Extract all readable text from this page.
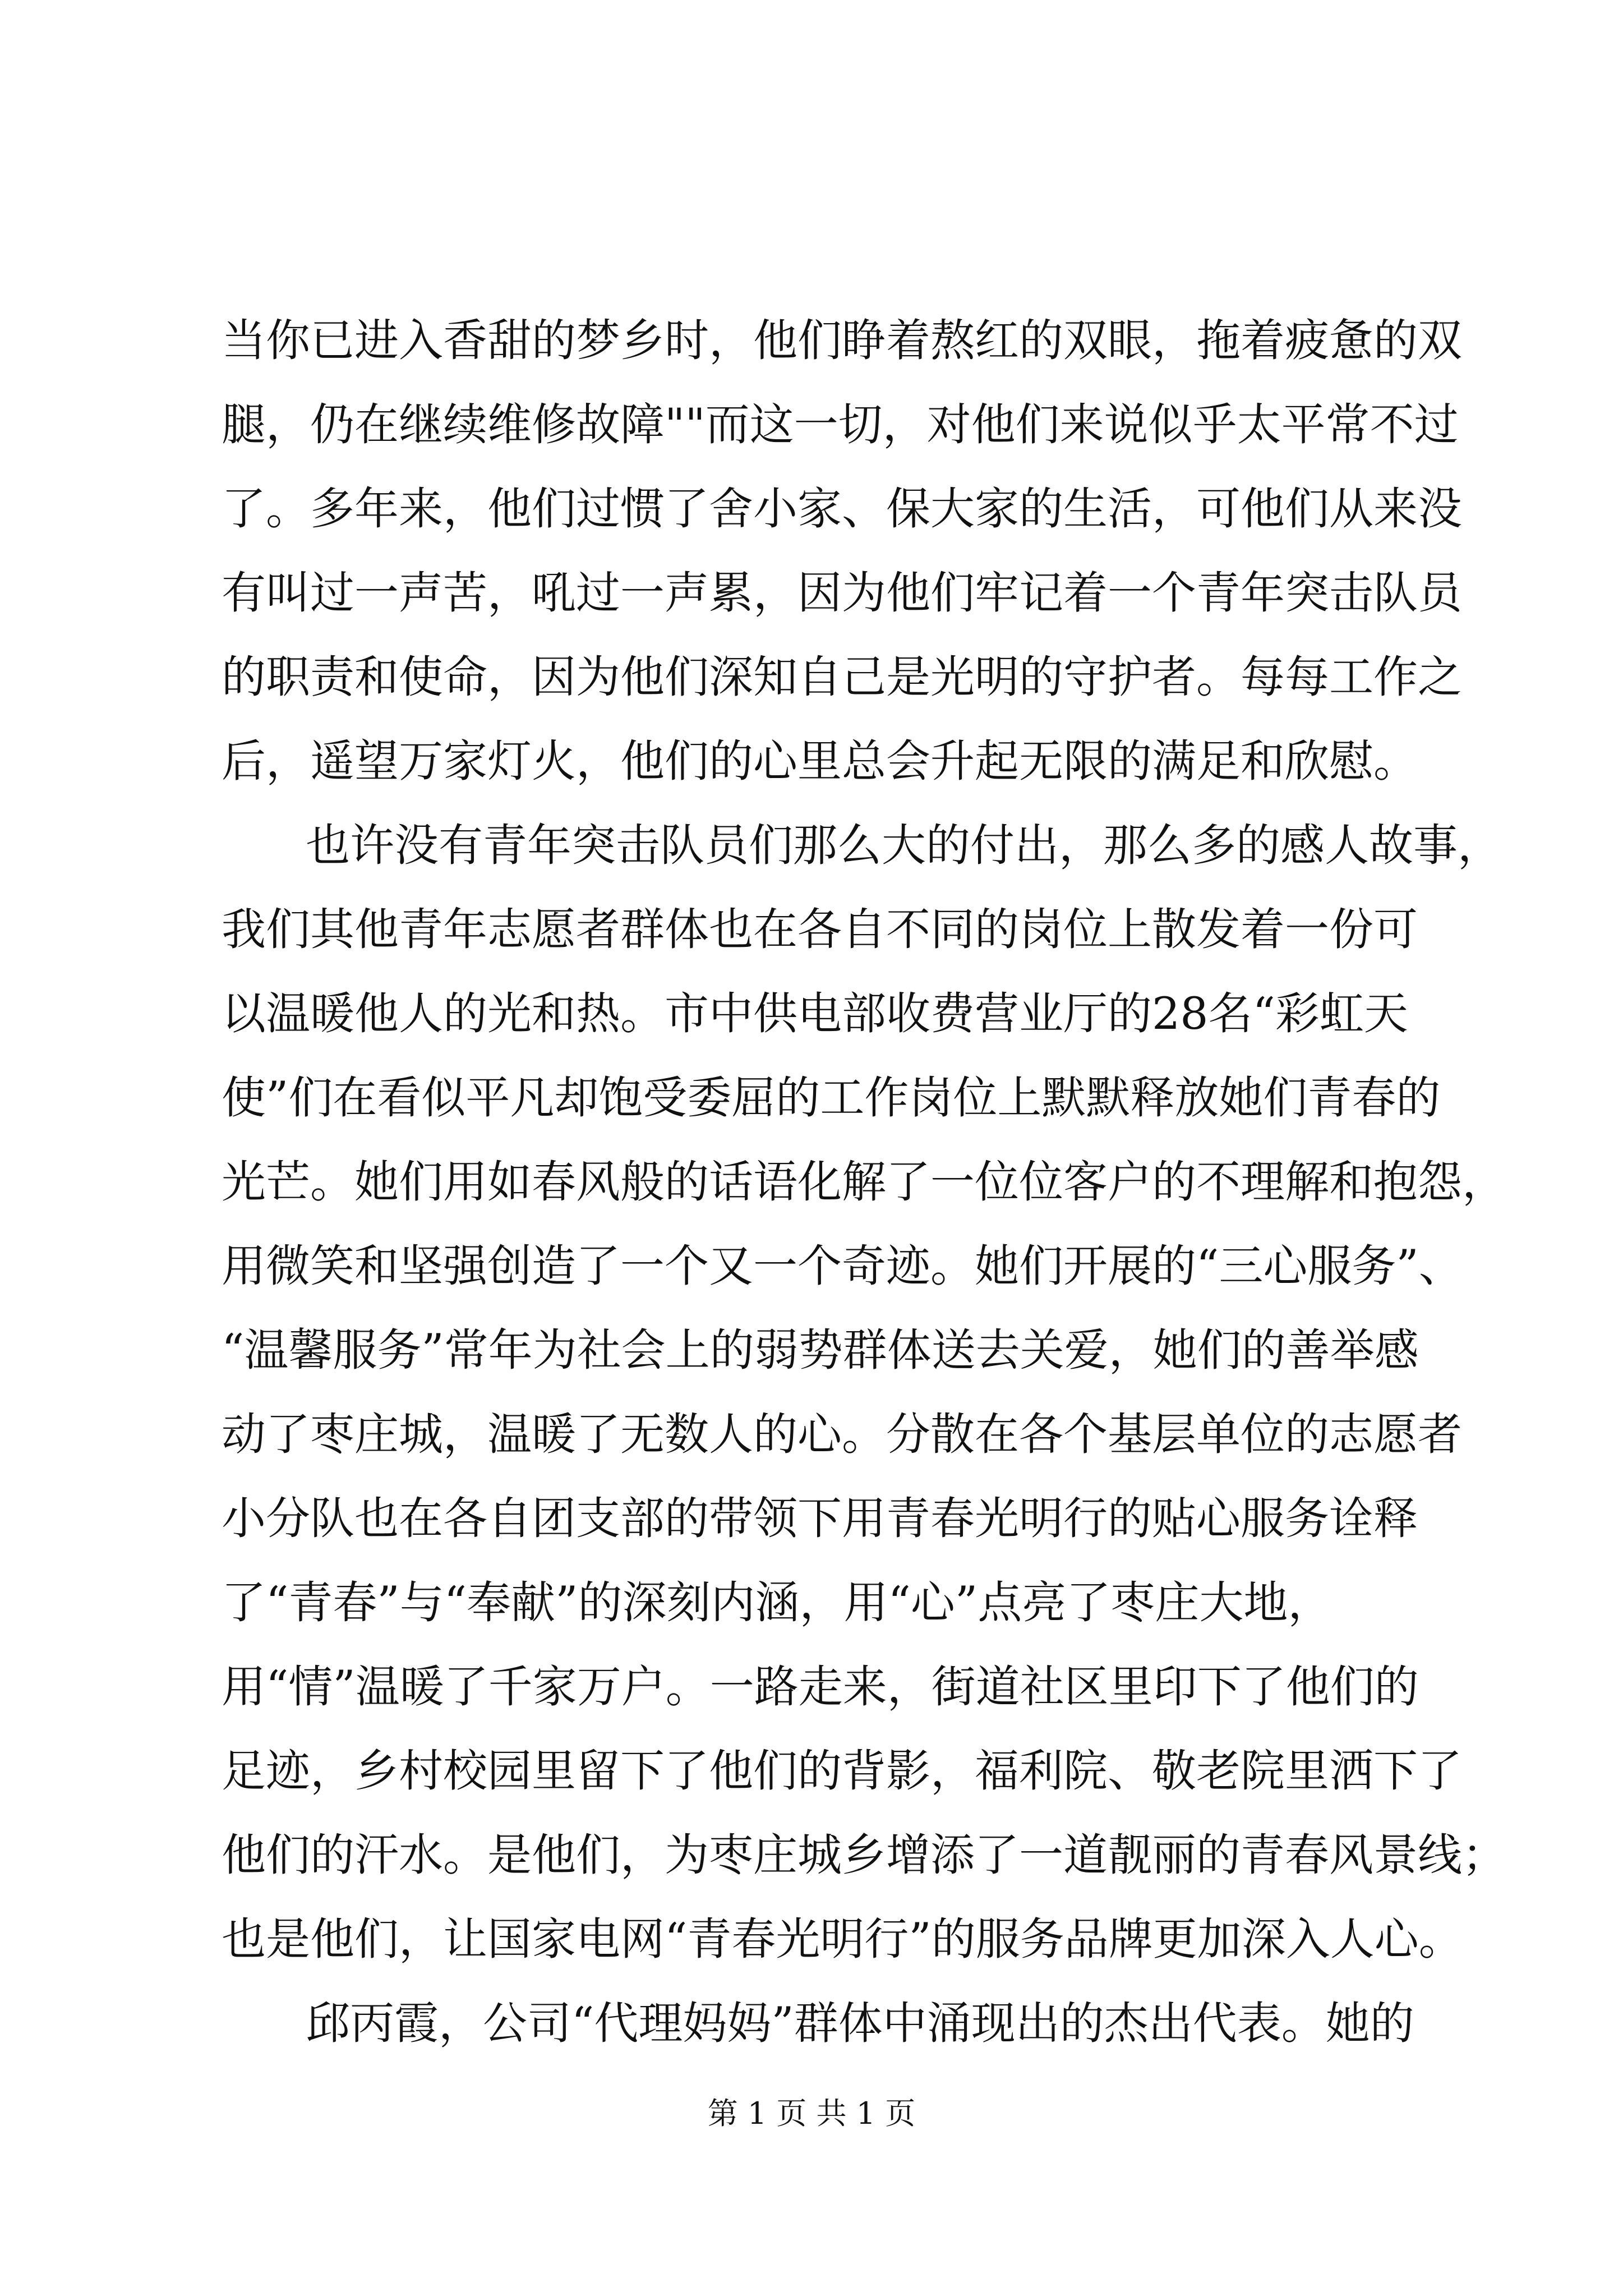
当你已进入香甜的梦乡时，他们睁着熬红的双眼，拖着疲惫的双
腿，仍在继续维修故障""而这一切，对他们来说似乎太平常不过
了。多年来，他们过惯了舍小家、保大家的生活，可他们从来没
有叫过一声苦，吼过一声累，因为他们牢记着一个青年突击队员
的职责和使命，因为他们深知自己是光明的守护者。每每工作之
后，遥望万家灯火，他们的心里总会升起无限的满足和欣慰。
也许没有青年突击队员们那么大的付出，那么多的感人故事，
我们其他青年志愿者群体也在各自不同的岗位上散发着一份可
以温暖他人的光和热。市中供电部收费营业厅的28名“彩虹天
使”们在看似平凡却饱受委屈的工作岗位上默默释放她们青春的
光芒。她们用如春风般的话语化解了一位位客户的不理解和抱怨，
用微笑和坚强创造了一个又一个奇迹。她们开展的“三心服务”、
“温馨服务”常年为社会上的弱势群体送去关爱，她们的善举感
动了枣庄城，温暖了无数人的心。分散在各个基层单位的志愿者
小分队也在各自团支部的带领下用青春光明行的贴心服务诠释
了“青春”与“奉献”的深刻内涵，用“心”点亮了枣庄大地，
用“情”温暖了千家万户。一路走来，街道社区里印下了他们的
足迹，乡村校园里留下了他们的背影，福利院、敬老院里洒下了
他们的汗水。是他们，为枣庄城乡增添了一道靓丽的青春风景线；
也是他们，让国家电网“青春光明行”的服务品牌更加深入人心。
邱丙霞，公司“代理妈妈”群体中涌现出的杰出代表。她的
第 1 页 共 1 页
